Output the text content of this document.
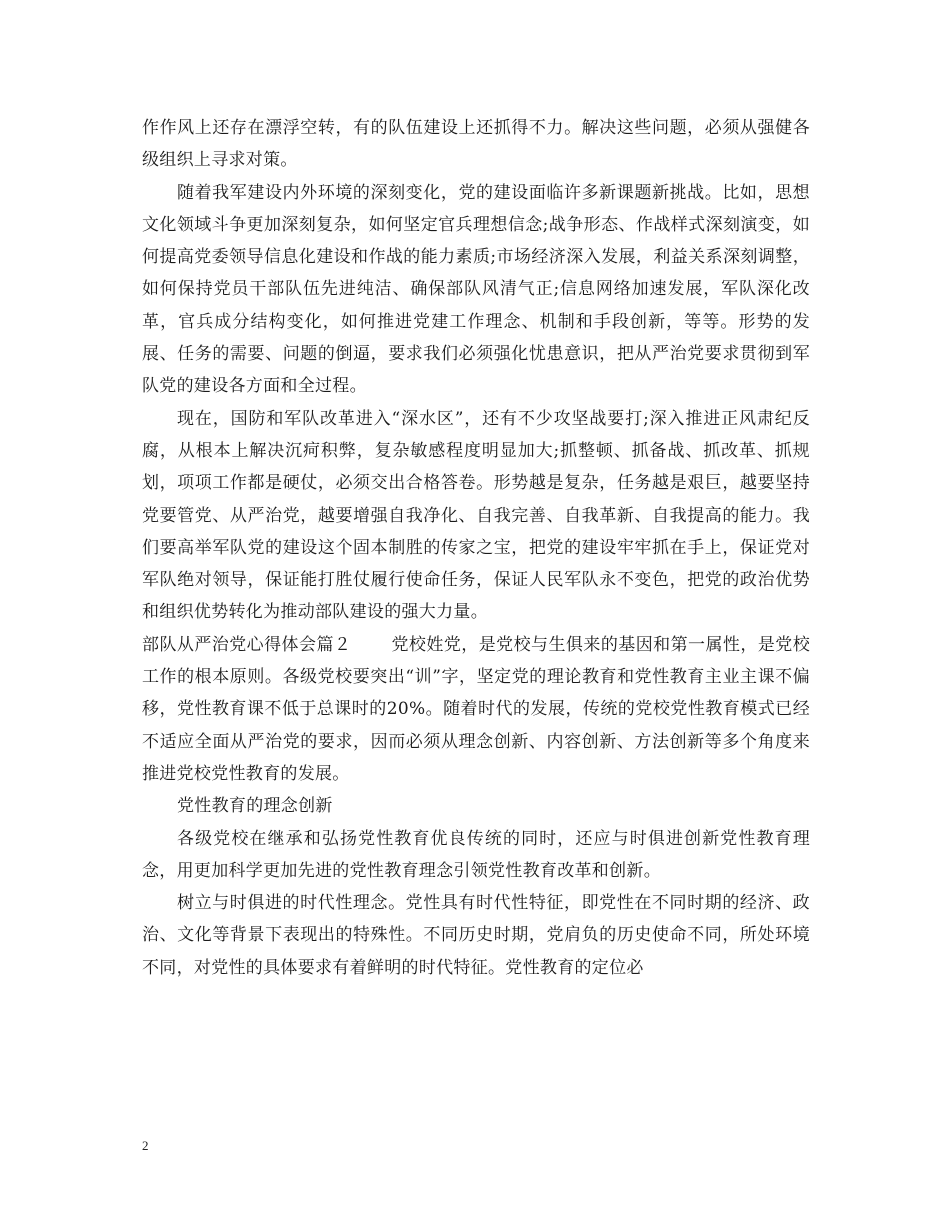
作作风上还存在漂浮空转，有的队伍建设上还抓得不力。解决这些问题，必须从强健各级组织上寻求对策。

随着我军建设内外环境的深刻变化，党的建设面临许多新课题新挑战。比如，思想文化领域斗争更加深刻复杂，如何坚定官兵理想信念;战争形态、作战样式深刻演变，如何提高党委领导信息化建设和作战的能力素质;市场经济深入发展，利益关系深刻调整，如何保持党员干部队伍先进纯洁、确保部队风清气正;信息网络加速发展，军队深化改革，官兵成分结构变化，如何推进党建工作理念、机制和手段创新，等等。形势的发展、任务的需要、问题的倒逼，要求我们必须强化忧患意识，把从严治党要求贯彻到军队党的建设各方面和全过程。

现在，国防和军队改革进入“深水区”，还有不少攻坚战要打;深入推进正风肃纪反腐，从根本上解决沉疴积弊，复杂敏感程度明显加大;抓整顿、抓备战、抓改革、抓规划，项项工作都是硬仗，必须交出合格答卷。形势越是复杂，任务越是艰巨，越要坚持党要管党、从严治党，越要增强自我净化、自我完善、自我革新、自我提高的能力。我们要高举军队党的建设这个固本制胜的传家之宝，把党的建设牢牢抓在手上，保证党对军队绝对领导，保证能打胜仗履行使命任务，保证人民军队永不变色，把党的政治优势和组织优势转化为推动部队建设的强大力量。

部队从严治党心得体会篇２ 党校姓党，是党校与生俱来的基因和第一属性，是党校工作的根本原则。各级党校要突出“训”字，坚定党的理论教育和党性教育主业主课不偏移，党性教育课不低于总课时的20%。随着时代的发展，传统的党校党性教育模式已经不适应全面从严治党的要求，因而必须从理念创新、内容创新、方法创新等多个角度来推进党校党性教育的发展。

党性教育的理念创新

各级党校在继承和弘扬党性教育优良传统的同时，还应与时俱进创新党性教育理念，用更加科学更加先进的党性教育理念引领党性教育改革和创新。

树立与时俱进的时代性理念。党性具有时代性特征，即党性在不同时期的经济、政治、文化等背景下表现出的特殊性。不同历史时期，党肩负的历史使命不同，所处环境不同，对党性的具体要求有着鲜明的时代特征。党性教育的定位必

2
